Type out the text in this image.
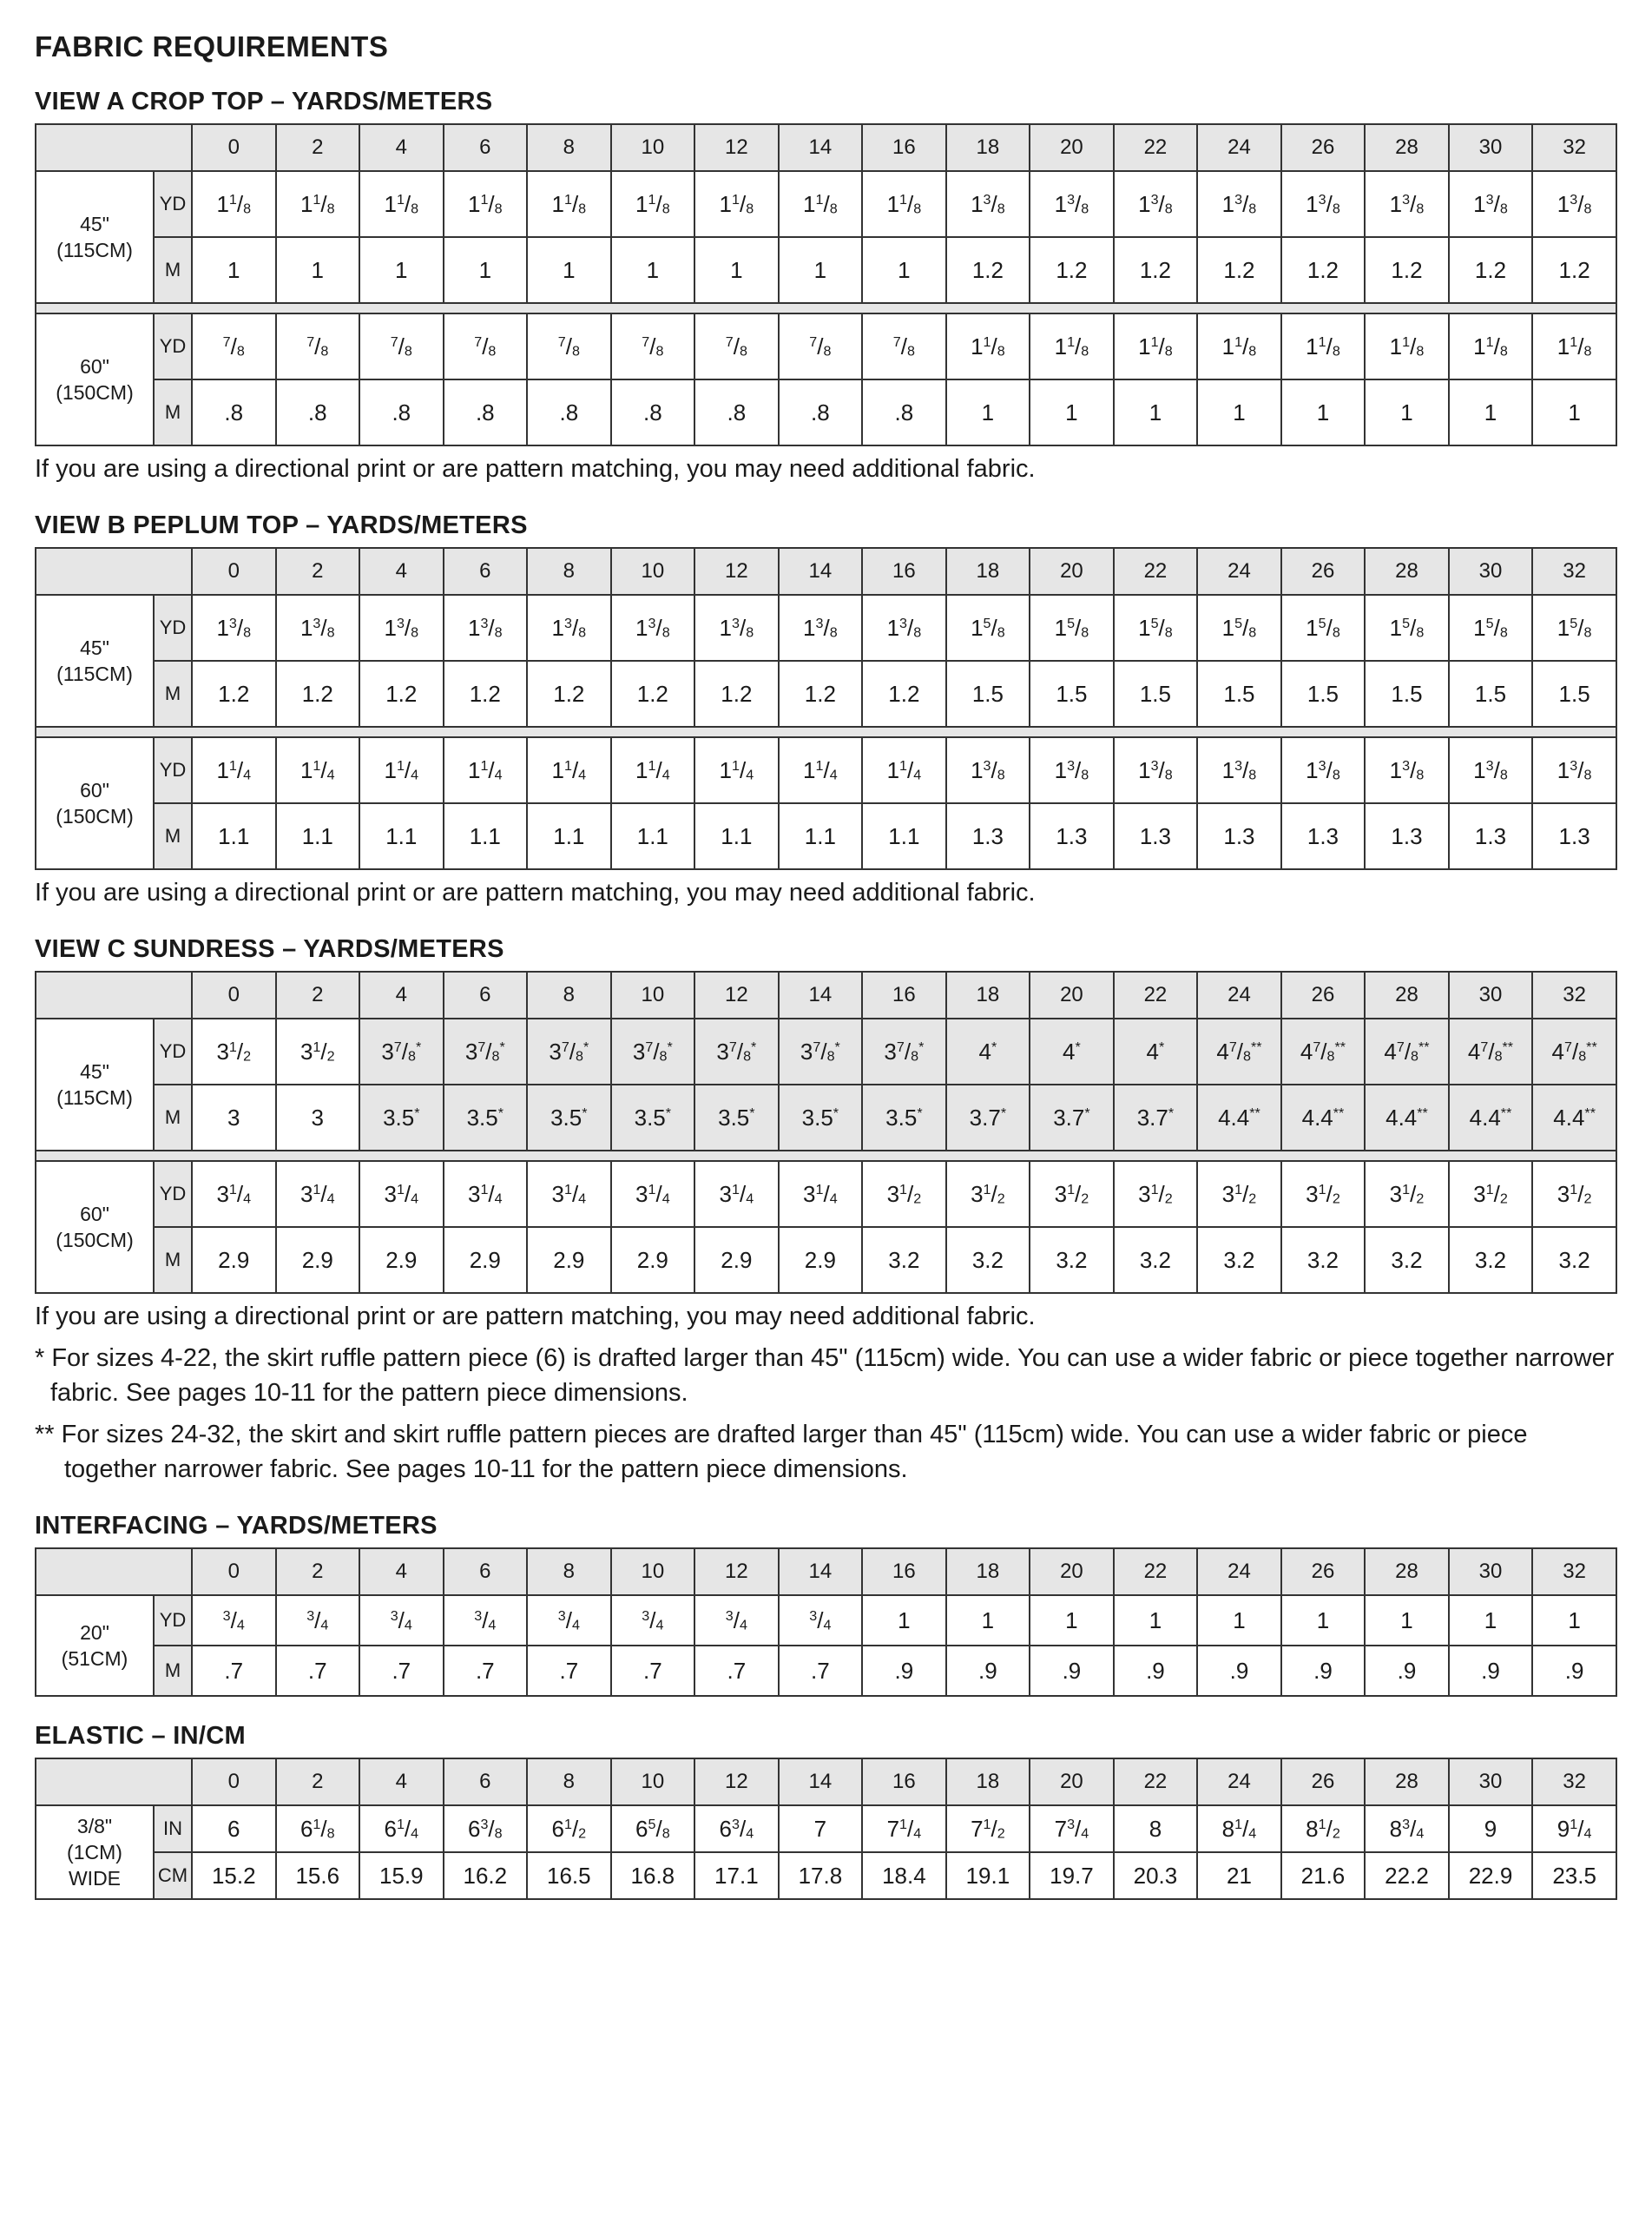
FABRIC REQUIREMENTS
VIEW A CROP TOP – YARDS/METERS
		0	2	4	6	8	10	12	14	16	18	20	22	24	26	28	30	32

45"
(115CM)	YD	$1^1/8$	$1^1/8$	$1^1/8$	$1^1/8$	$1^1/8$	$1^1/8$	$1^1/8$	$1^1/8$	$1^1/8$	$1^3/8$	$1^3/8$	$1^3/8$	$1^3/8$	$1^3/8$	$1^3/8$	$1^3/8$	$1^3/8$
	M	1	1	1	1	1	1	1	1	1	1.2	1.2	1.2	1.2	1.2	1.2	1.2	1.2

60"
(150CM)	YD	$^7$/8	$^7$/8	$^7$/8	$^7$/8	$^7$/8	$^7$/8	$^7$/8	$^7$/8	$^7$/8	$1^1/8$	$1^1/8$	$1^1/8$	$1^1/8$	$1^1/8$	$1^1/8$	$1^1/8$	$1^1/8$
	M	.8	.8	.8	.8	.8	.8	.8	.8	.8	1	1	1	1	1	1	1	1
If you are using a directional print or are pattern matching, you may need additional fabric.
VIEW B PEPLUM TOP – YARDS/METERS
		0	2	4	6	8	10	12	14	16	18	20	22	24	26	28	30	32

45"
(115CM)	YD	$1^3/8$	$1^3/8$	$1^3/8$	$1^3/8$	$1^3/8$	$1^3/8$	$1^3/8$	$1^3/8$	$1^3/8$	$1^5/8$	$1^5/8$	$1^5/8$	$1^5/8$	$1^5/8$	$1^5/8$	$1^5/8$	$1^5/8$
	M	1.2	1.2	1.2	1.2	1.2	1.2	1.2	1.2	1.2	1.5	1.5	1.5	1.5	1.5	1.5	1.5	1.5

60"
(150CM)	YD	$1^1/4$	$1^1/4$	$1^1/4$	$1^1/4$	$1^1/4$	$1^1/4$	$1^1/4$	$1^1/4$	$1^1/4$	$1^3/8$	$1^3/8$	$1^3/8$	$1^3/8$	$1^3/8$	$1^3/8$	$1^3/8$	$1^3/8$
	M	1.1	1.1	1.1	1.1	1.1	1.1	1.1	1.1	1.1	1.3	1.3	1.3	1.3	1.3	1.3	1.3	1.3
If you are using a directional print or are pattern matching, you may need additional fabric.
VIEW C SUNDRESS – YARDS/METERS
		0	2	4	6	8	10	12	14	16	18	20	22	24	26	28	30	32

45"
(115CM)	YD	$3^1/2$	$3^1/2$	$3^7/8^*$	$3^7/8^*$	$3^7/8^*$	$3^7/8^*$	$3^7/8^*$	$3^7/8^*$	$3^7/8^*$	4*	4*	4*	$4^7/8^{**}$	$4^7/8^{**}$	$4^7/8^{**}$	$4^7/8^{**}$	$4^7/8^{**}$
	M	3	3	3.5*	3.5*	3.5*	3.5*	3.5*	3.5*	3.5*	3.7*	3.7*	3.7*	4.4**	4.4**	4.4**	4.4**	4.4**

60"
(150CM)	YD	$3^1/4$	$3^1/4$	$3^1/4$	$3^1/4$	$3^1/4$	$3^1/4$	$3^1/4$	$3^1/4$	$3^1/2$	$3^1/2$	$3^1/2$	$3^1/2$	$3^1/2$	$3^1/2$	$3^1/2$	$3^1/2$	$3^1/2$
	M	2.9	2.9	2.9	2.9	2.9	2.9	2.9	2.9	3.2	3.2	3.2	3.2	3.2	3.2	3.2	3.2	3.2
If you are using a directional print or are pattern matching, you may need additional fabric.
* For sizes 4-22, the skirt ruffle pattern piece (6) is drafted larger than 45" (115cm) wide. You can use a wider fabric or piece together narrower fabric. See pages 10-11 for the pattern piece dimensions.
** For sizes 24-32, the skirt and skirt ruffle pattern pieces are drafted larger than 45" (115cm) wide. You can use a wider fabric or piece together narrower fabric. See pages 10-11 for the pattern piece dimensions.
INTERFACING – YARDS/METERS
		0	2	4	6	8	10	12	14	16	18	20	22	24	26	28	30	32

20"
(51CM)	YD	$^3$/4	$^3$/4	$^3$/4	$^3$/4	$^3$/4	$^3$/4	$^3$/4	$^3$/4	1	1	1	1	1	1	1	1	1
	M	.7	.7	.7	.7	.7	.7	.7	.7	.9	.9	.9	.9	.9	.9	.9	.9	.9
ELASTIC – IN/CM
		0	2	4	6	8	10	12	14	16	18	20	22	24	26	28	30	32

3/8"
(1CM)
WIDE	IN	6	$6^1/8$	$6^1/4$	$6^3/8$	$6^1/2$	$6^5/8$	$6^3/4$	7	$7^1/4$	$7^1/2$	$7^3/4$	8	$8^1/4$	$8^1/2$	$8^3/4$	9	$9^1/4$
	CM	15.2	15.6	15.9	16.2	16.5	16.8	17.1	17.8	18.4	19.1	19.7	20.3	21	21.6	22.2	22.9	23.5
